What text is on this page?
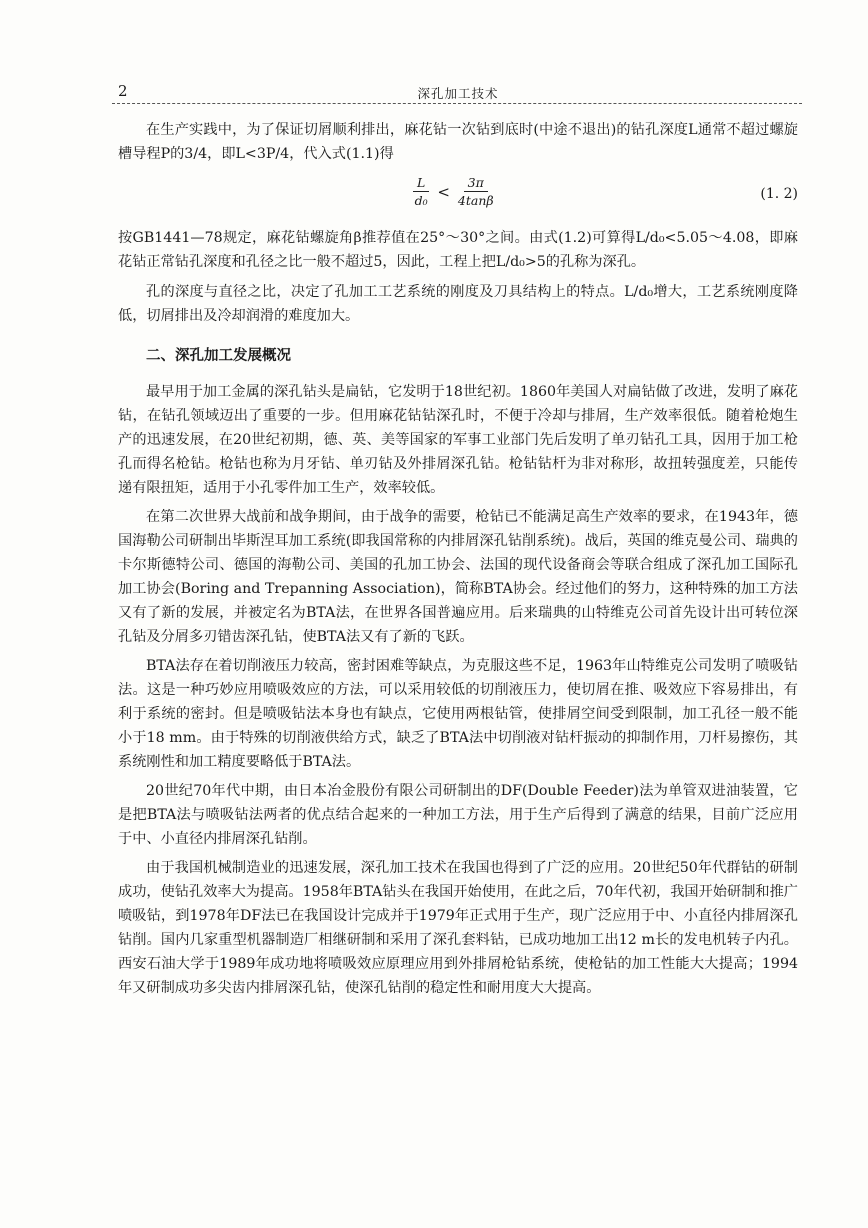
2	深孔加工技术

在生产实践中，为了保证切屑顺利排出，麻花钻一次钻到底时(中途不退出)的钻孔深度L通常不超过螺旋槽导程P的3/4，即L<3P/4，代入式(1.1)得

$\frac{L}{\text{d₀}} < \frac{3\pi}{4\tan\beta}$	(1. 2)

按GB1441—78规定，麻花钻螺旋角β推荐值在25°～30°之间。由式(1.2)可算得L/d₀<5.05～4.08，即麻花钻正常钻孔深度和孔径之比一般不超过5，因此，工程上把L/d₀>5的孔称为深孔。

孔的深度与直径之比，决定了孔加工工艺系统的刚度及刀具结构上的特点。L/d₀增大，工艺系统刚度降低，切屑排出及冷却润滑的难度加大。

二、深孔加工发展概况

最早用于加工金属的深孔钻头是扁钻，它发明于18世纪初。1860年美国人对扁钻做了改进，发明了麻花钻，在钻孔领域迈出了重要的一步。但用麻花钻钻深孔时，不便于冷却与排屑，生产效率很低。随着枪炮生产的迅速发展，在20世纪初期，德、英、美等国家的军事工业部门先后发明了单刃钻孔工具，因用于加工枪孔而得名枪钻。枪钻也称为月牙钻、单刃钻及外排屑深孔钻。枪钻钻杆为非对称形，故扭转强度差，只能传递有限扭矩，适用于小孔零件加工生产，效率较低。

在第二次世界大战前和战争期间，由于战争的需要，枪钻已不能满足高生产效率的要求，在1943年，德国海勒公司研制出毕斯涅耳加工系统(即我国常称的内排屑深孔钻削系统)。战后，英国的维克曼公司、瑞典的卡尔斯德特公司、德国的海勒公司、美国的孔加工协会、法国的现代设备商会等联合组成了深孔加工国际孔加工协会(Boring and Trepanning Association)，简称BTA协会。经过他们的努力，这种特殊的加工方法又有了新的发展，并被定名为BTA法，在世界各国普遍应用。后来瑞典的山特维克公司首先设计出可转位深孔钻及分屑多刃错齿深孔钻，使BTA法又有了新的飞跃。

BTA法存在着切削液压力较高，密封困难等缺点，为克服这些不足，1963年山特维克公司发明了喷吸钻法。这是一种巧妙应用喷吸效应的方法，可以采用较低的切削液压力，使切屑在推、吸效应下容易排出，有利于系统的密封。但是喷吸钻法本身也有缺点，它使用两根钻管，使排屑空间受到限制，加工孔径一般不能小于18 mm。由于特殊的切削液供给方式，缺乏了BTA法中切削液对钻杆振动的抑制作用，刀杆易擦伤，其系统刚性和加工精度要略低于BTA法。

20世纪70年代中期，由日本冶金股份有限公司研制出的DF(Double Feeder)法为单管双进油装置，它是把BTA法与喷吸钻法两者的优点结合起来的一种加工方法，用于生产后得到了满意的结果，目前广泛应用于中、小直径内排屑深孔钻削。

由于我国机械制造业的迅速发展，深孔加工技术在我国也得到了广泛的应用。20世纪50年代群钻的研制成功，使钻孔效率大为提高。1958年BTA钻头在我国开始使用，在此之后，70年代初，我国开始研制和推广喷吸钻，到1978年DF法已在我国设计完成并于1979年正式用于生产，现广泛应用于中、小直径内排屑深孔钻削。国内几家重型机器制造厂相继研制和采用了深孔套料钻，已成功地加工出12 m长的发电机转子内孔。西安石油大学于1989年成功地将喷吸效应原理应用到外排屑枪钻系统，使枪钻的加工性能大大提高；1994年又研制成功多尖齿内排屑深孔钻，使深孔钻削的稳定性和耐用度大大提高。
